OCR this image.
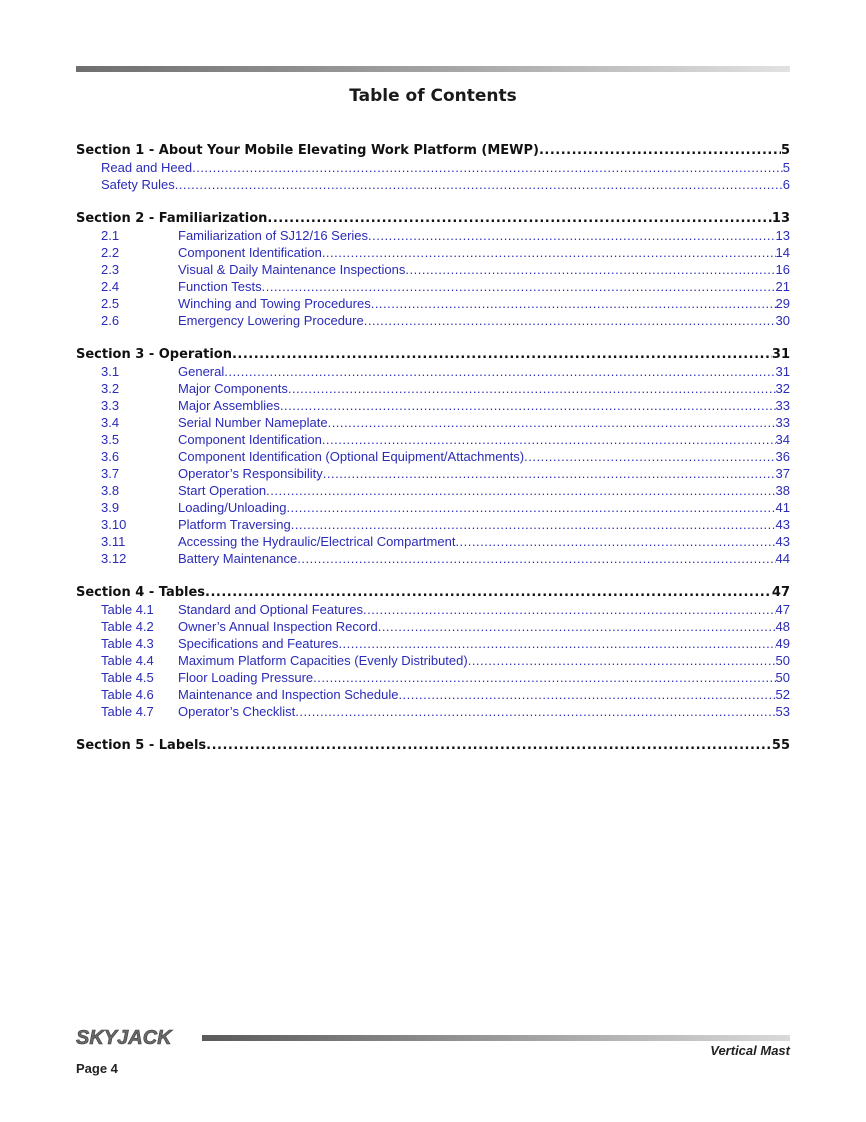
Table of Contents
Section 1 - About Your Mobile Elevating Work Platform (MEWP) .....	5
Read and Heed .....	5
Safety Rules .....	6
Section 2 - Familiarization .....	13
2.1	Familiarization of SJ12/16 Series .....	13
2.2	Component Identification .....	14
2.3	Visual & Daily Maintenance Inspections .....	16
2.4	Function Tests .....	21
2.5	Winching and Towing Procedures .....	29
2.6	Emergency Lowering Procedure .....	30
Section 3 - Operation .....	31
3.1	General .....	31
3.2	Major Components .....	32
3.3	Major Assemblies .....	33
3.4	Serial Number Nameplate .....	33
3.5	Component Identification .....	34
3.6	Component Identification (Optional Equipment/Attachments) .....	36
3.7	Operator’s Responsibility .....	37
3.8	Start Operation .....	38
3.9	Loading/Unloading .....	41
3.10	Platform Traversing .....	43
3.11	Accessing the Hydraulic/Electrical Compartment .....	43
3.12	Battery Maintenance .....	44
Section 4 - Tables .....	47
Table 4.1	Standard and Optional Features .....	47
Table 4.2	Owner’s Annual Inspection Record .....	48
Table 4.3	Specifications and Features .....	49
Table 4.4	Maximum Platform Capacities (Evenly Distributed) .....	50
Table 4.5	Floor Loading Pressure .....	50
Table 4.6	Maintenance and Inspection Schedule .....	52
Table 4.7	Operator’s Checklist .....	53
Section 5 - Labels .....	55
SKYJACK
Vertical Mast
Page 4
